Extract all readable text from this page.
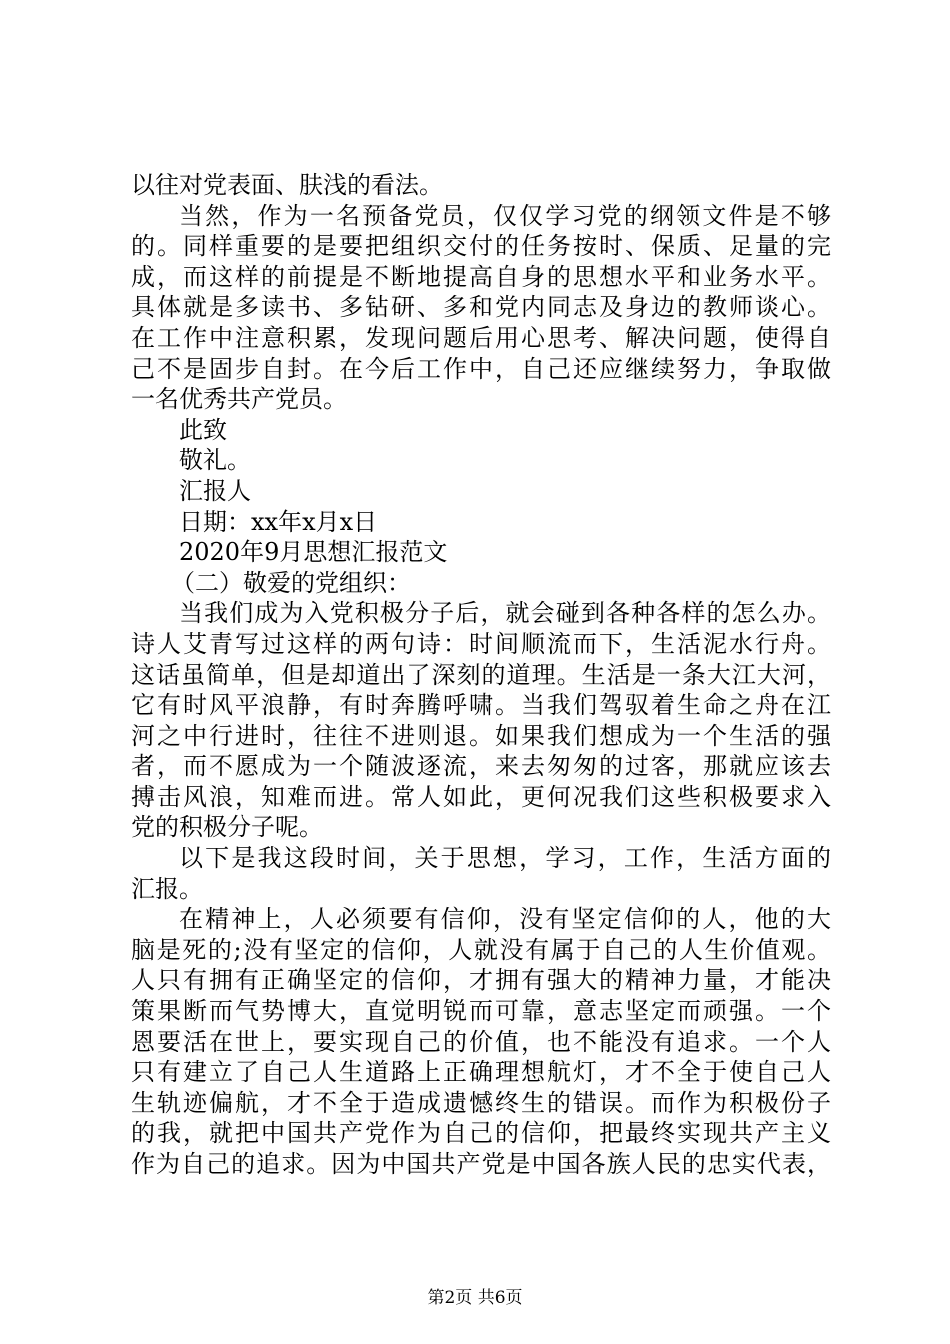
以往对党表面、肤浅的看法。
当然，作为一名预备党员，仅仅学习党的纲领文件是不够
的。同样重要的是要把组织交付的任务按时、保质、足量的完
成，而这样的前提是不断地提高自身的思想水平和业务水平。
具体就是多读书、多钻研、多和党内同志及身边的教师谈心。
在工作中注意积累，发现问题后用心思考、解决问题，使得自
己不是固步自封。在今后工作中，自己还应继续努力，争取做
一名优秀共产党员。
此致
敬礼。
汇报人
日期：xx年x月x日
2020年9月思想汇报范文
（二）敬爱的党组织：
当我们成为入党积极分子后，就会碰到各种各样的怎么办。
诗人艾青写过这样的两句诗：时间顺流而下，生活泥水行舟。
这话虽简单，但是却道出了深刻的道理。生活是一条大江大河，
它有时风平浪静，有时奔腾呼啸。当我们驾驭着生命之舟在江
河之中行进时，往往不进则退。如果我们想成为一个生活的强
者，而不愿成为一个随波逐流，来去匆匆的过客，那就应该去
搏击风浪，知难而进。常人如此，更何况我们这些积极要求入
党的积极分子呢。
以下是我这段时间，关于思想，学习，工作，生活方面的
汇报。
在精神上，人必须要有信仰，没有坚定信仰的人，他的大
脑是死的;没有坚定的信仰，人就没有属于自己的人生价值观。
人只有拥有正确坚定的信仰，才拥有强大的精神力量，才能决
策果断而气势博大，直觉明锐而可靠，意志坚定而顽强。一个
恩要活在世上，要实现自己的价值，也不能没有追求。一个人
只有建立了自己人生道路上正确理想航灯，才不全于使自己人
生轨迹偏航，才不全于造成遗憾终生的错误。而作为积极份子
的我，就把中国共产党作为自己的信仰，把最终实现共产主义
作为自己的追求。因为中国共产党是中国各族人民的忠实代表，
第2页 共6页
